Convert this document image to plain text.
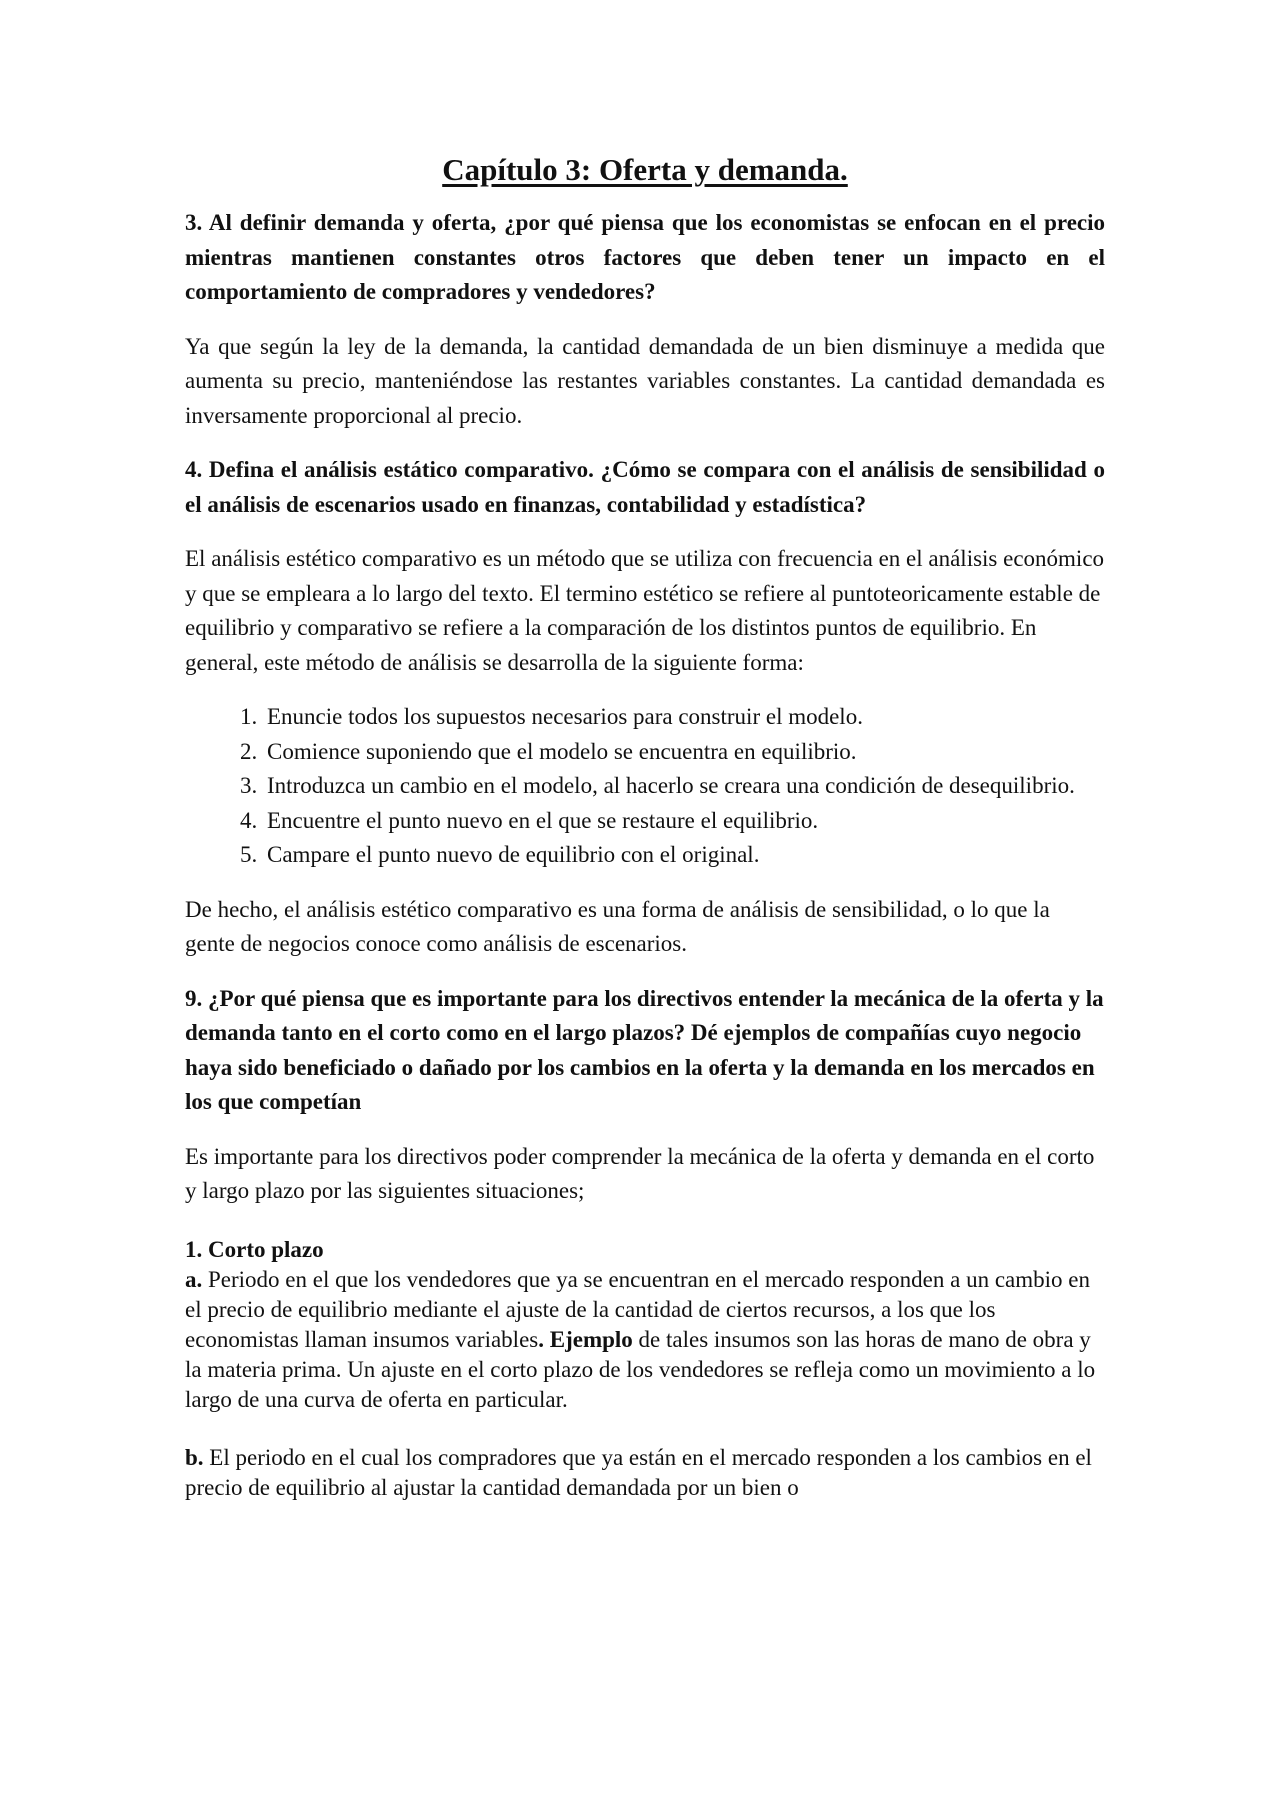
Capítulo 3: Oferta y demanda.

3. Al definir demanda y oferta, ¿por qué piensa que los economistas se enfocan en el precio mientras mantienen constantes otros factores que deben tener un impacto en el comportamiento de compradores y vendedores?

Ya que según la ley de la demanda, la cantidad demandada de un bien disminuye a medida que aumenta su precio, manteniéndose las restantes variables constantes. La cantidad demandada es inversamente proporcional al precio.

4. Defina el análisis estático comparativo. ¿Cómo se compara con el análisis de sensibilidad o el análisis de escenarios usado en finanzas, contabilidad y estadística?

El análisis estético comparativo es un método que se utiliza con frecuencia en el análisis económico y que se empleara a lo largo del texto. El termino estético se refiere al puntoteoricamente estable de equilibrio y comparativo se refiere a la comparación de los distintos puntos de equilibrio. En general, este método de análisis se desarrolla de la siguiente forma:

1. Enuncie todos los supuestos necesarios para construir el modelo.
2. Comience suponiendo que el modelo se encuentra en equilibrio.
3. Introduzca un cambio en el modelo, al hacerlo se creara una condición de desequilibrio.
4. Encuentre el punto nuevo en el que se restaure el equilibrio.
5. Campare el punto nuevo de equilibrio con el original.

De hecho, el análisis estético comparativo es una forma de análisis de sensibilidad, o lo que la gente de negocios conoce como análisis de escenarios.

9. ¿Por qué piensa que es importante para los directivos entender la mecánica de la oferta y la demanda tanto en el corto como en el largo plazos? Dé ejemplos de compañías cuyo negocio haya sido beneficiado o dañado por los cambios en la oferta y la demanda en los mercados en los que competían

Es importante para los directivos poder comprender la mecánica de la oferta y demanda en el corto y largo plazo por las siguientes situaciones;

1. Corto plazo

a. Periodo en el que los vendedores que ya se encuentran en el mercado responden a un cambio en el precio de equilibrio mediante el ajuste de la cantidad de ciertos recursos, a los que los economistas llaman insumos variables. Ejemplo de tales insumos son las horas de mano de obra y la materia prima. Un ajuste en el corto plazo de los vendedores se refleja como un movimiento a lo largo de una curva de oferta en particular.

b. El periodo en el cual los compradores que ya están en el mercado responden a los cambios en el precio de equilibrio al ajustar la cantidad demandada por un bien o
